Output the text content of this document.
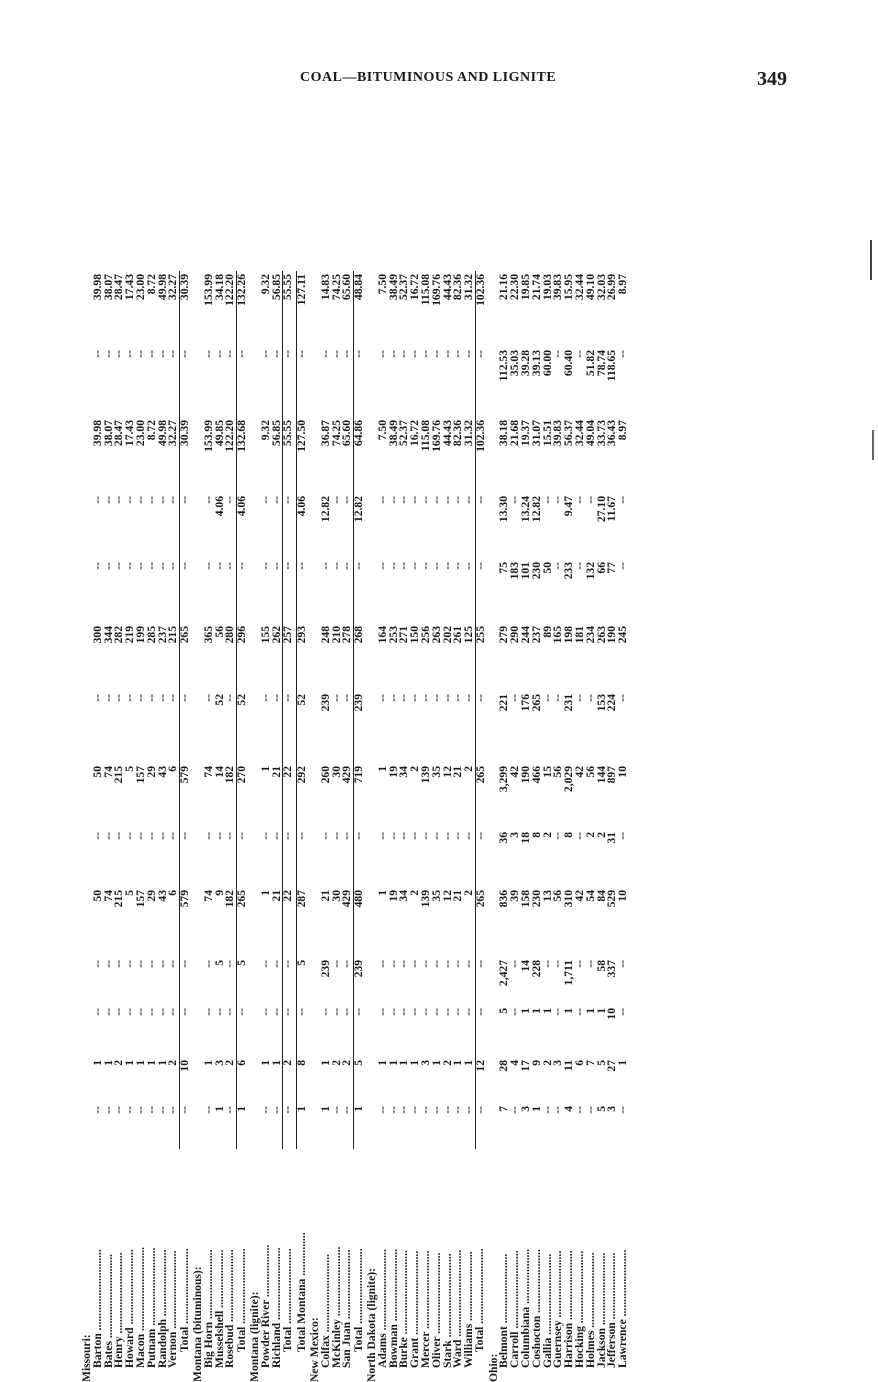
COAL—BITUMINOUS AND LIGNITE	349
Missouri:														
Barton ............................	--	1	--	--	50	--	50	--	300	--	--	39.98	--	39.98
Bates .............................	--	1	--	--	74	--	74	--	344	--	--	38.07	--	38.07
Henry ............................	--	2	--	--	215	--	215	--	282	--	--	28.47	--	28.47
Howard ..........................	--	1	--	--	5	--	5	--	219	--	--	17.43	--	17.43
Macon .............................	--	1	--	--	157	--	157	--	199	--	--	23.00	--	23.00
Putnam ...........................	--	1	--	--	29	--	29	--	285	--	--	8.72	--	8.72
Randolph .......................	--	1	--	--	43	--	43	--	237	--	--	49.98	--	49.98
Vernon ...........................	--	2	--	--	6	--	6	--	215	--	--	32.27	--	32.27
Total ..........................	--	10	--	--	579	--	579	--	265	--	--	30.39	--	30.39
Montana (bituminous):														
Big Horn ........................	--	1	--	--	74	--	74	--	365	--	--	153.99	--	153.99
Musselshell ....................	1	3	--	5	9	--	14	52	56	--	4.06	49.85	--	34.18
Rosebud .........................	--	2	--	--	182	--	182	--	280	--	--	122.20	--	122.20
Total ..........................	1	6	--	5	265	--	270	52	296	--	4.06	132.68	--	132.26
Montana (lignite):														
Powder River ..................	--	1	--	--	1	--	1	--	155	--	--	9.32	--	9.32
Richland .........................	--	1	--	--	21	--	21	--	262	--	--	56.85	--	56.85
Total ..........................	--	2	--	--	22	--	22	--	257	--	--	55.55	--	55.55
Total Montana ...............	1	8	--	5	287	--	292	52	293	--	4.06	127.50	--	127.11
New Mexico:														
Colfax ...........................	1	1	--	239	21	--	260	239	248	--	12.82	36.87	--	14.83
McKinley ........................	--	2	--	--	30	--	30	--	210	--	--	74.25	--	74.25
San Juan ........................	--	2	--	--	429	--	429	--	278	--	--	65.60	--	65.60
Total ..........................	1	5	--	239	480	--	719	239	268	--	12.82	64.86	--	48.84
North Dakota (lignite):														
Adams ............................	--	1	--	--	1	--	1	--	164	--	--	7.50	--	7.50
Bowman .........................	--	1	--	--	19	--	19	--	253	--	--	38.49	--	38.49
Burke .............................	--	1	--	--	34	--	34	--	271	--	--	52.37	--	52.37
Grant .............................	--	1	--	--	2	--	2	--	150	--	--	16.72	--	16.72
Mercer ...........................	--	3	--	--	139	--	139	--	256	--	--	115.08	--	115.08
Oliver ............................	--	1	--	--	35	--	35	--	263	--	--	169.76	--	169.76
Stark .............................	--	2	--	--	12	--	12	--	202	--	--	44.43	--	44.43
Ward ..............................	--	1	--	--	21	--	21	--	261	--	--	82.36	--	82.36
Williams ........................	--	1	--	--	2	--	2	--	125	--	--	31.32	--	31.32
Total ..........................	--	12	--	--	265	--	265	--	255	--	--	102.36	--	102.36
Ohio:														
Belmont ........................	7	28	5	2,427	836	36	3,299	221	279	75	13.30	38.18	112.53	21.16
Carroll ...........................	--	4	--	--	39	3	42	--	290	183	--	21.68	35.03	22.30
Columbiana ...................	3	17	1	14	158	18	190	176	244	101	13.24	19.37	39.28	19.85
Coshocton ......................	1	9	1	228	230	8	466	265	237	230	12.82	31.07	39.13	21.74
Gallia ............................	--	2	1	--	13	2	15	--	89	50	--	15.51	60.00	19.03
Guernsey .......................	--	3	--	--	56	--	56	--	165	--	--	39.83	--	39.83
Harrison ........................	4	11	1	1,711	310	8	2,029	231	198	233	9.47	56.37	60.40	15.95
Hocking .........................	--	6	--	--	42	--	42	--	181	--	--	32.44	--	32.44
Holmes ..........................	--	7	1	--	54	2	56	--	234	132	--	49.04	51.82	49.10
Jackson .........................	5	5	1	58	84	2	144	153	263	66	27.10	33.73	78.74	32.03
Jefferson .......................	3	27	10	337	529	31	897	224	190	77	11.67	36.43	118.65	26.99
Lawrence .......................	--	1	--	--	10	--	10	--	245	--	--	8.97	--	8.97
